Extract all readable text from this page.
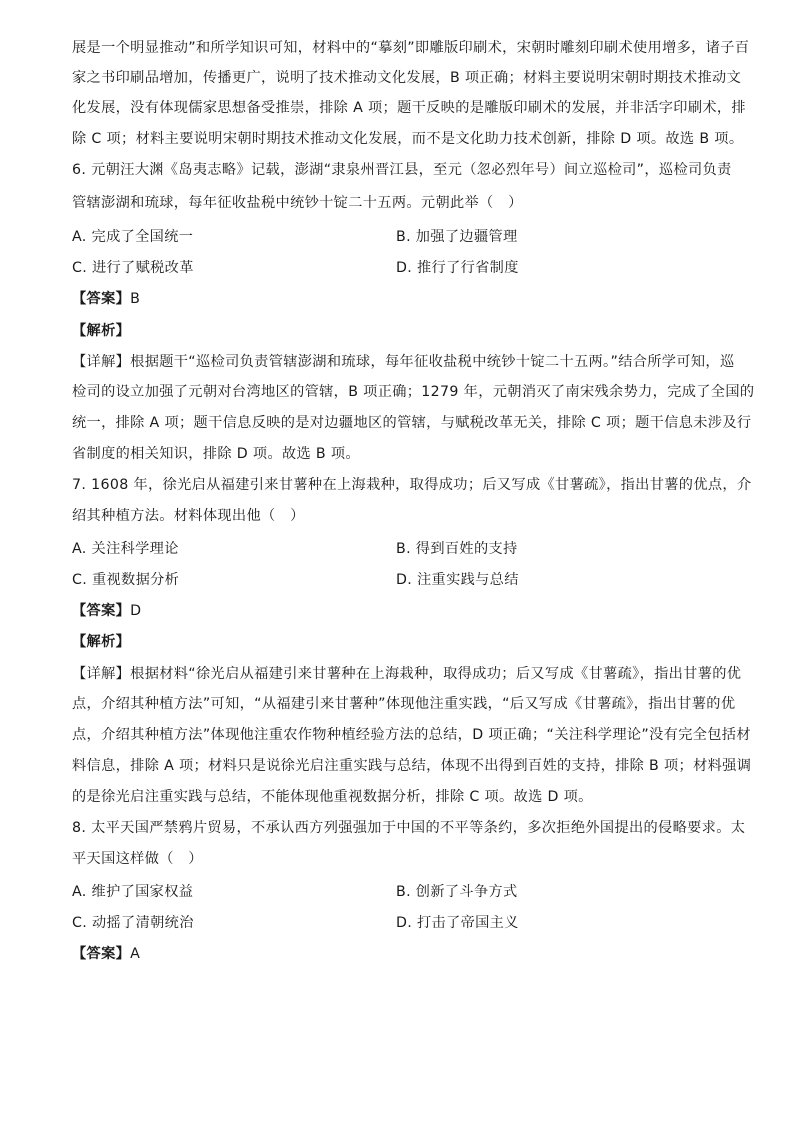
展是一个明显推动”和所学知识可知，材料中的“摹刻”即雕版印刷术，宋朝时雕刻印刷术使用增多，诸子百
家之书印刷品增加，传播更广，说明了技术推动文化发展，B 项正确；材料主要说明宋朝时期技术推动文
化发展，没有体现儒家思想备受推崇，排除 A 项；题干反映的是雕版印刷术的发展，并非活字印刷术，排
除 C 项；材料主要说明宋朝时期技术推动文化发展，而不是文化助力技术创新，排除 D 项。故选 B 项。
6. 元朝汪大渊《岛夷志略》记载，澎湖“隶泉州晋江县，至元（忽必烈年号）间立巡检司”，巡检司负责
管辖澎湖和琉球，每年征收盐税中统钞十锭二十五两。元朝此举（　）
A. 完成了全国统一	B. 加强了边疆管理
C. 进行了赋税改革	D. 推行了行省制度
【答案】B
【解析】
【详解】根据题干“巡检司负责管辖澎湖和琉球，每年征收盐税中统钞十锭二十五两。”结合所学可知，巡
检司的设立加强了元朝对台湾地区的管辖，B 项正确；1279 年，元朝消灭了南宋残余势力，完成了全国的
统一，排除 A 项；题干信息反映的是对边疆地区的管辖，与赋税改革无关，排除 C 项；题干信息未涉及行
省制度的相关知识，排除 D 项。故选 B 项。
7. 1608 年，徐光启从福建引来甘薯种在上海栽种，取得成功；后又写成《甘薯疏》，指出甘薯的优点，介
绍其种植方法。材料体现出他（　）
A. 关注科学理论	B. 得到百姓的支持
C. 重视数据分析	D. 注重实践与总结
【答案】D
【解析】
【详解】根据材料“徐光启从福建引来甘薯种在上海栽种，取得成功；后又写成《甘薯疏》，指出甘薯的优
点，介绍其种植方法”可知，“从福建引来甘薯种”体现他注重实践，“后又写成《甘薯疏》，指出甘薯的优
点，介绍其种植方法”体现他注重农作物种植经验方法的总结，D 项正确；“关注科学理论”没有完全包括材
料信息，排除 A 项；材料只是说徐光启注重实践与总结，体现不出得到百姓的支持，排除 B 项；材料强调
的是徐光启注重实践与总结，不能体现他重视数据分析，排除 C 项。故选 D 项。
8. 太平天国严禁鸦片贸易，不承认西方列强强加于中国的不平等条约，多次拒绝外国提出的侵略要求。太
平天国这样做（　）
A. 维护了国家权益	B. 创新了斗争方式
C. 动摇了清朝统治	D. 打击了帝国主义
【答案】A
